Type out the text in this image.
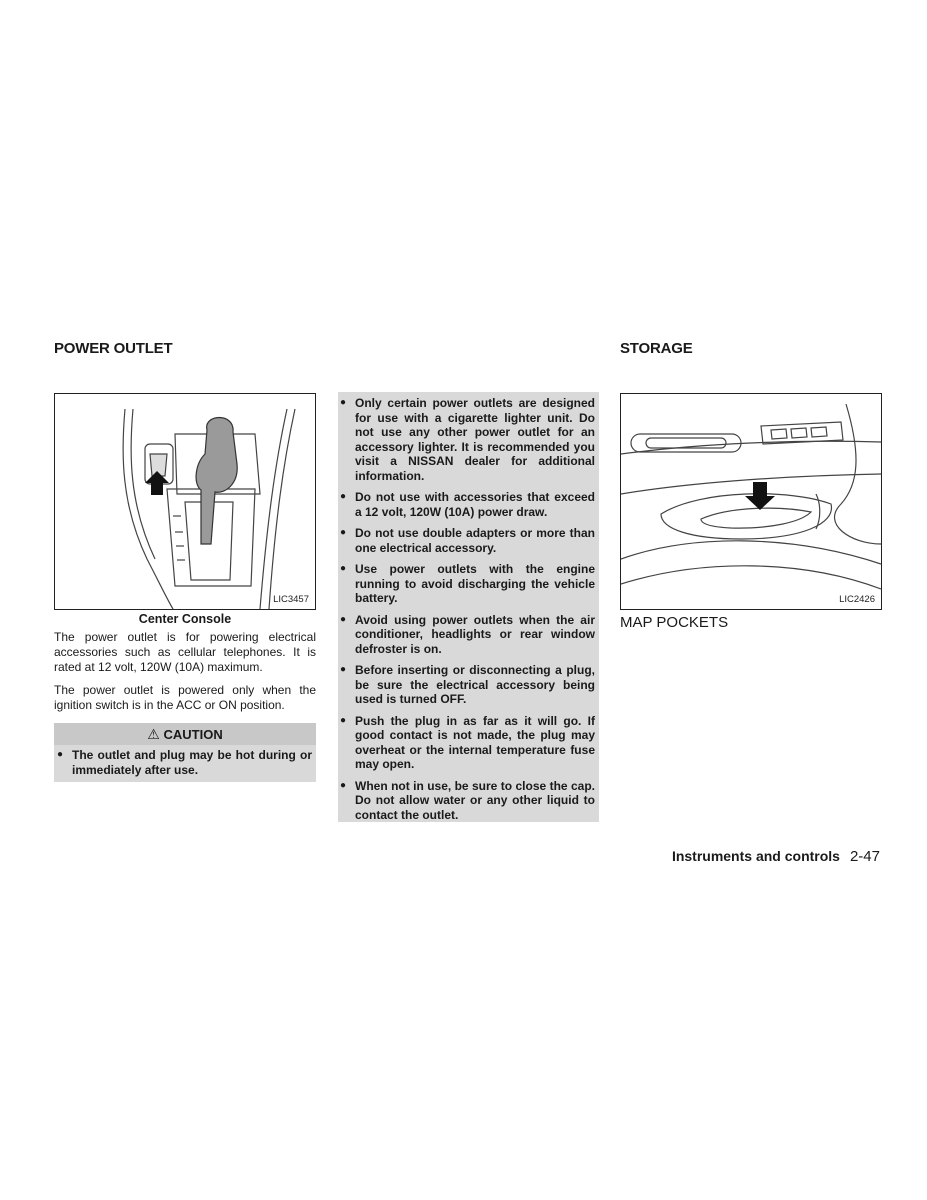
POWER OUTLET	STORAGE
LIC3457
Center Console
The power outlet is for powering electrical accessories such as cellular telephones. It is rated at 12 volt, 120W (10A) maximum.
The power outlet is powered only when the ignition switch is in the ACC or ON position.
⚠ CAUTION
● The outlet and plug may be hot during or immediately after use.
● Only certain power outlets are designed for use with a cigarette lighter unit. Do not use any other power outlet for an accessory lighter. It is recommended you visit a NISSAN dealer for additional information.
● Do not use with accessories that exceed a 12 volt, 120W (10A) power draw.
● Do not use double adapters or more than one electrical accessory.
● Use power outlets with the engine running to avoid discharging the vehicle battery.
● Avoid using power outlets when the air conditioner, headlights or rear window defroster is on.
● Before inserting or disconnecting a plug, be sure the electrical accessory being used is turned OFF.
● Push the plug in as far as it will go. If good contact is not made, the plug may overheat or the internal temperature fuse may open.
● When not in use, be sure to close the cap. Do not allow water or any other liquid to contact the outlet.
LIC2426
MAP POCKETS
Instruments and controls 2-47
